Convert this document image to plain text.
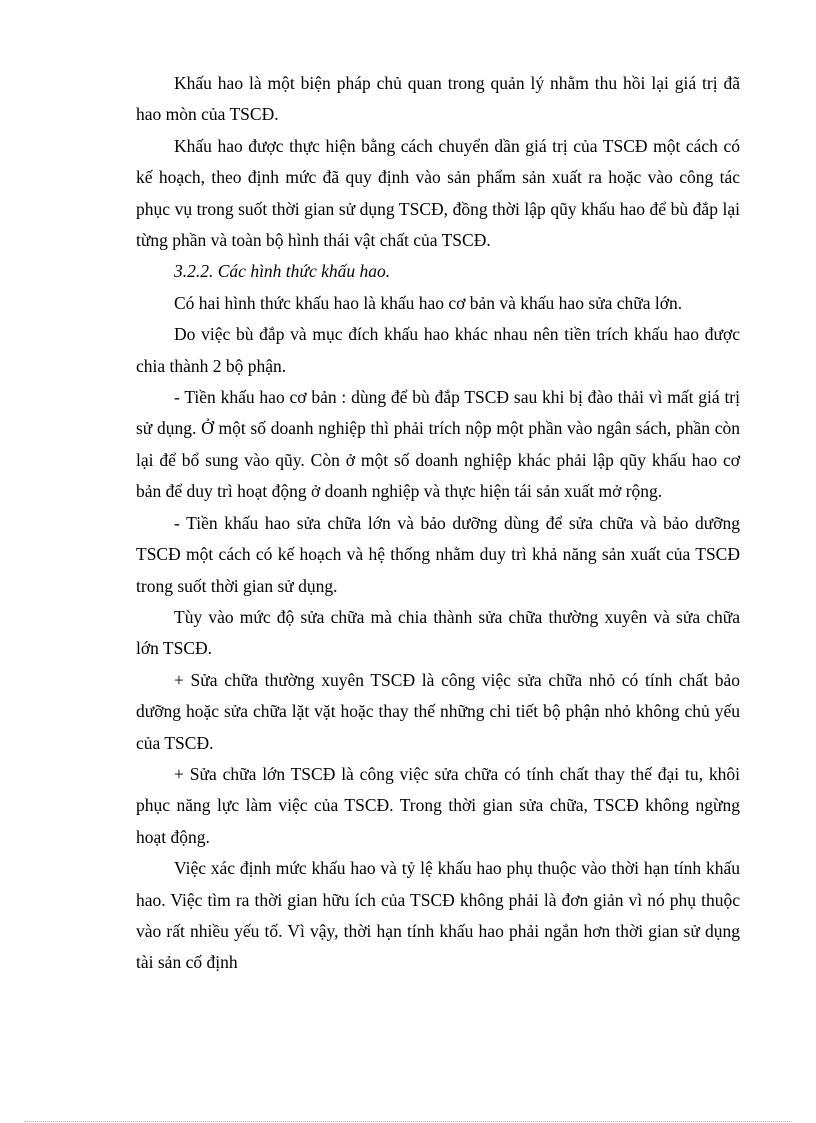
Khấu hao là một biện pháp chủ quan trong quản lý nhằm thu hồi lại giá trị đã hao mòn của TSCĐ.

Khấu hao được thực hiện bằng cách chuyển dần giá trị của TSCĐ một cách có kế hoạch, theo định mức đã quy định vào sản phẩm sản xuất ra hoặc vào công tác phục vụ trong suốt thời gian sử dụng TSCĐ, đồng thời lập qũy khấu hao để bù đắp lại từng phần và toàn bộ hình thái vật chất của TSCĐ.

3.2.2. Các hình thức khấu hao.

Có hai hình thức khấu hao là khấu hao cơ bản và khấu hao sửa chữa lớn.

Do việc bù đắp và mục đích khấu hao khác nhau nên tiền trích khấu hao được chia thành 2 bộ phận.

- Tiền khấu hao cơ bản : dùng để bù đắp TSCĐ sau khi bị đào thải vì mất giá trị sử dụng. Ở một số doanh nghiệp thì phải trích nộp một phần vào ngân sách, phần còn lại để bổ sung vào qũy. Còn ở một số doanh nghiệp khác phải lập qũy khấu hao cơ bản để duy trì hoạt động ở doanh nghiệp và thực hiện tái sản xuất mở rộng.

- Tiền khấu hao sửa chữa lớn và bảo dưỡng dùng để sửa chữa và bảo dưỡng TSCĐ một cách có kế hoạch và hệ thống nhằm duy trì khả năng sản xuất của TSCĐ trong suốt thời gian sử dụng.

Tùy vào mức độ sửa chữa mà chia thành sửa chữa thường xuyên và sửa chữa lớn TSCĐ.

+ Sửa chữa thường xuyên TSCĐ là công việc sửa chữa nhỏ có tính chất bảo dưỡng hoặc sửa chữa lặt vặt hoặc thay thế những chi tiết bộ phận nhỏ không chủ yếu của TSCĐ.

+ Sửa chữa lớn TSCĐ là công việc sửa chữa có tính chất thay thế đại tu, khôi phục năng lực làm việc của TSCĐ. Trong thời gian sửa chữa, TSCĐ không ngừng hoạt động.

Việc xác định mức khấu hao và tỷ lệ khấu hao phụ thuộc vào thời hạn tính khấu hao. Việc tìm ra thời gian hữu ích của TSCĐ không phải là đơn giản vì nó phụ thuộc vào rất nhiều yếu tố. Vì vậy, thời hạn tính khấu hao phải ngắn hơn thời gian sử dụng tài sản cố định
